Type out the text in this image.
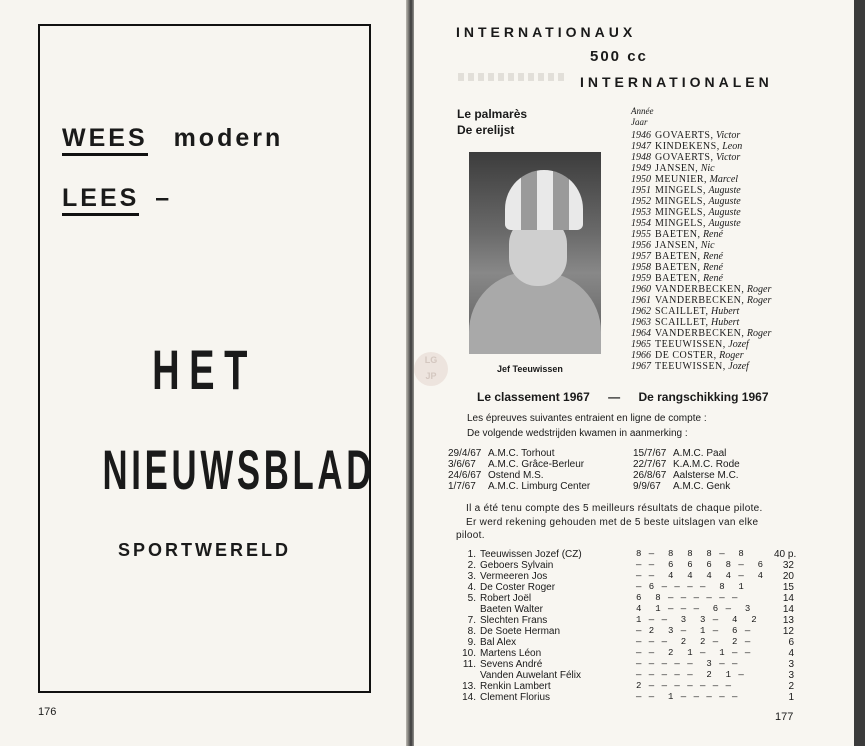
WEES modern
LEES –
HET
NIEUWSBLAD
SPORTWERELD
176
INTERNATIONAUX
500 cc
INTERNATIONALEN
Le palmarès
De erelijst
Jef Teeuwissen
LG
JP
Année
Jaar
1946 GOVAERTS, Victor
1947 KINDEKENS, Leon
1948 GOVAERTS, Victor
1949 JANSEN, Nic
1950 MEUNIER, Marcel
1951 MINGELS, Auguste
1952 MINGELS, Auguste
1953 MINGELS, Auguste
1954 MINGELS, Auguste
1955 BAETEN, René
1956 JANSEN, Nic
1957 BAETEN, René
1958 BAETEN, René
1959 BAETEN, René
1960 VANDERBECKEN, Roger
1961 VANDERBECKEN, Roger
1962 SCAILLET, Hubert
1963 SCAILLET, Hubert
1964 VANDERBECKEN, Roger
1965 TEEUWISSEN, Jozef
1966 DE COSTER, Roger
1967 TEEUWISSEN, Jozef
Le classement 1967 — De rangschikking 1967
Les épreuves suivantes entraient en ligne de compte :
De volgende wedstrijden kwamen in aanmerking :
29/4/67 A.M.C. Torhout
3/6/67 A.M.C. Grâce-Berleur
24/6/67 Ostend M.S.
1/7/67 A.M.C. Limburg Center
15/7/67 A.M.C. Paal
22/7/67 K.A.M.C. Rode
26/8/67 Aalsterse M.C.
9/9/67 A.M.C. Genk
Il a été tenu compte des 5 meilleurs résultats de chaque pilote.
Er werd rekening gehouden met de 5 beste uitslagen van elke
piloot.
1. Teeuwissen Jozef (CZ)	8 —  8  8  8 —  8	40 p.
2. Geboers Sylvain	— —  6  6  6  8 —  6	32
3. Vermeeren Jos	— —  4  4  4  4 —  4	20
4. De Coster Roger	— 6 — — — —  8  1	15
5. Robert Joël	6  8 — — — — — —	14
Baeten Walter	4  1 — — —  6 —  3	14
7. Slechten Frans	1 — —  3  3 —  4  2	13
8. De Soete Herman	— 2  3 —  1 —  6 —	12
9. Bal Alex	— — —  2  2 —  2 —	6
10. Martens Léon	— —  2  1 —  1 — —	4
11. Sevens André	— — — — —  3 — —	3
Vanden Auwelant Félix	— — — — —  2  1 —	3
13. Renkin Lambert	2 — — — — — — —	2
14. Clement Florius	— —  1 — — — — —	1
177
